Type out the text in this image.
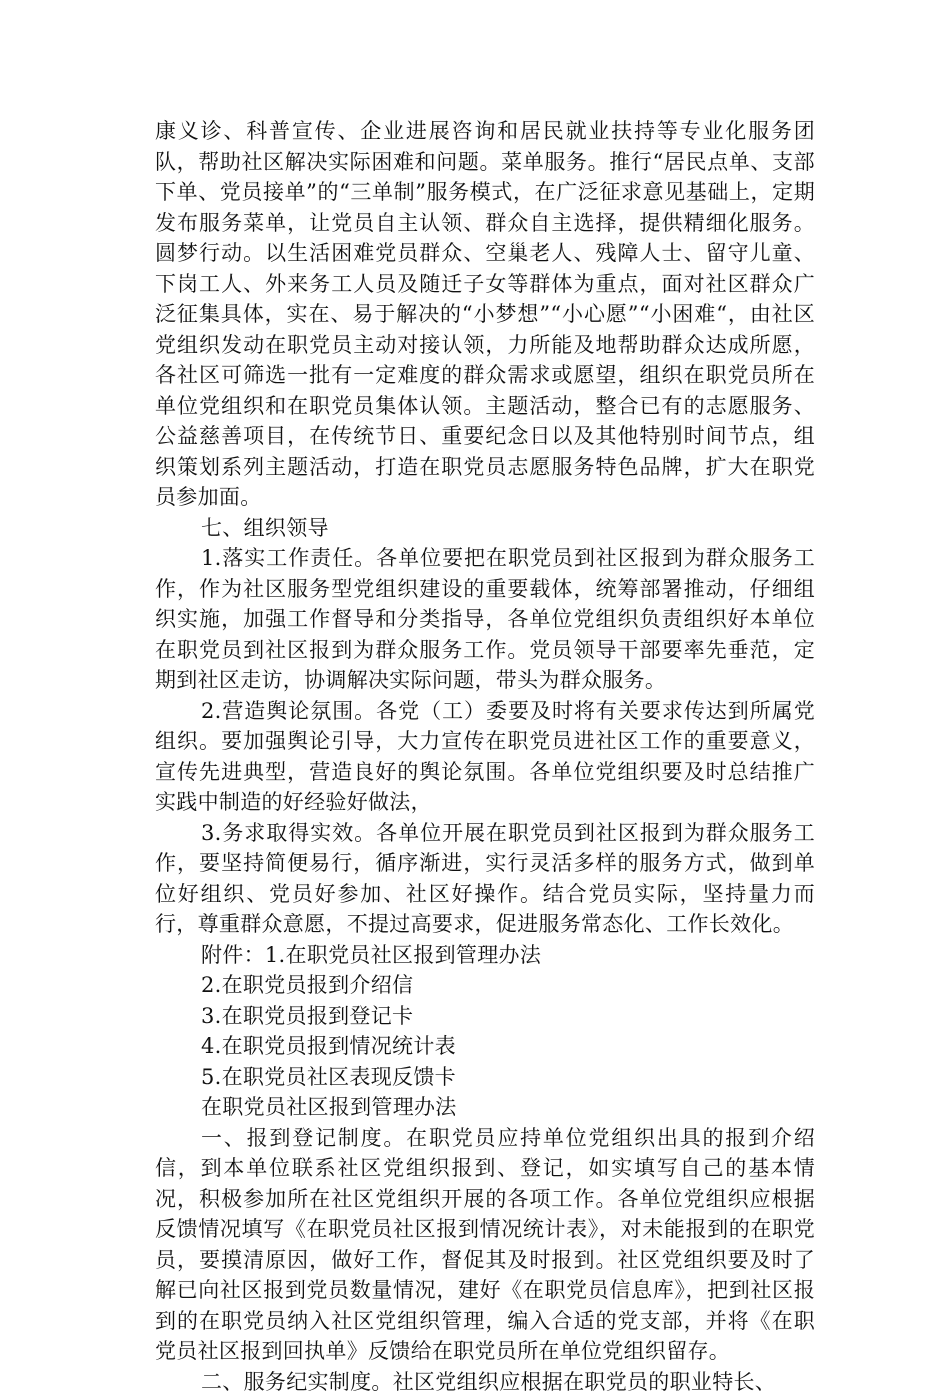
康义诊、科普宣传、企业进展咨询和居民就业扶持等专业化服务团队，帮助社区解决实际困难和问题。菜单服务。推行“居民点单、支部下单、党员接单”的“三单制”服务模式，在广泛征求意见基础上，定期发布服务菜单，让党员自主认领、群众自主选择，提供精细化服务。圆梦行动。以生活困难党员群众、空巢老人、残障人士、留守儿童、下岗工人、外来务工人员及随迁子女等群体为重点，面对社区群众广泛征集具体，实在、易于解决的“小梦想”“小心愿”“小困难“，由社区党组织发动在职党员主动对接认领，力所能及地帮助群众达成所愿，各社区可筛选一批有一定难度的群众需求或愿望，组织在职党员所在单位党组织和在职党员集体认领。主题活动，整合已有的志愿服务、公益慈善项目，在传统节日、重要纪念日以及其他特别时间节点，组织策划系列主题活动，打造在职党员志愿服务特色品牌，扩大在职党员参加面。

七、组织领导

1.落实工作责任。各单位要把在职党员到社区报到为群众服务工作，作为社区服务型党组织建设的重要载体，统筹部署推动，仔细组织实施，加强工作督导和分类指导，各单位党组织负责组织好本单位在职党员到社区报到为群众服务工作。党员领导干部要率先垂范，定期到社区走访，协调解决实际问题，带头为群众服务。

2.营造舆论氛围。各党（工）委要及时将有关要求传达到所属党组织。要加强舆论引导，大力宣传在职党员进社区工作的重要意义，宣传先进典型，营造良好的舆论氛围。各单位党组织要及时总结推广实践中制造的好经验好做法，

3.务求取得实效。各单位开展在职党员到社区报到为群众服务工作，要坚持简便易行，循序渐进，实行灵活多样的服务方式，做到单位好组织、党员好参加、社区好操作。结合党员实际，坚持量力而行，尊重群众意愿，不提过高要求，促进服务常态化、工作长效化。

附件：1.在职党员社区报到管理办法

2.在职党员报到介绍信

3.在职党员报到登记卡

4.在职党员报到情况统计表

5.在职党员社区表现反馈卡

在职党员社区报到管理办法

一、报到登记制度。在职党员应持单位党组织出具的报到介绍信，到本单位联系社区党组织报到、登记，如实填写自己的基本情况，积极参加所在社区党组织开展的各项工作。各单位党组织应根据反馈情况填写《在职党员社区报到情况统计表》，对未能报到的在职党员，要摸清原因，做好工作，督促其及时报到。社区党组织要及时了解已向社区报到党员数量情况，建好《在职党员信息库》，把到社区报到的在职党员纳入社区党组织管理，编入合适的党支部，并将《在职党员社区报到回执单》反馈给在职党员所在单位党组织留存。

二、服务纪实制度。社区党组织应根据在职党员的职业特长、
